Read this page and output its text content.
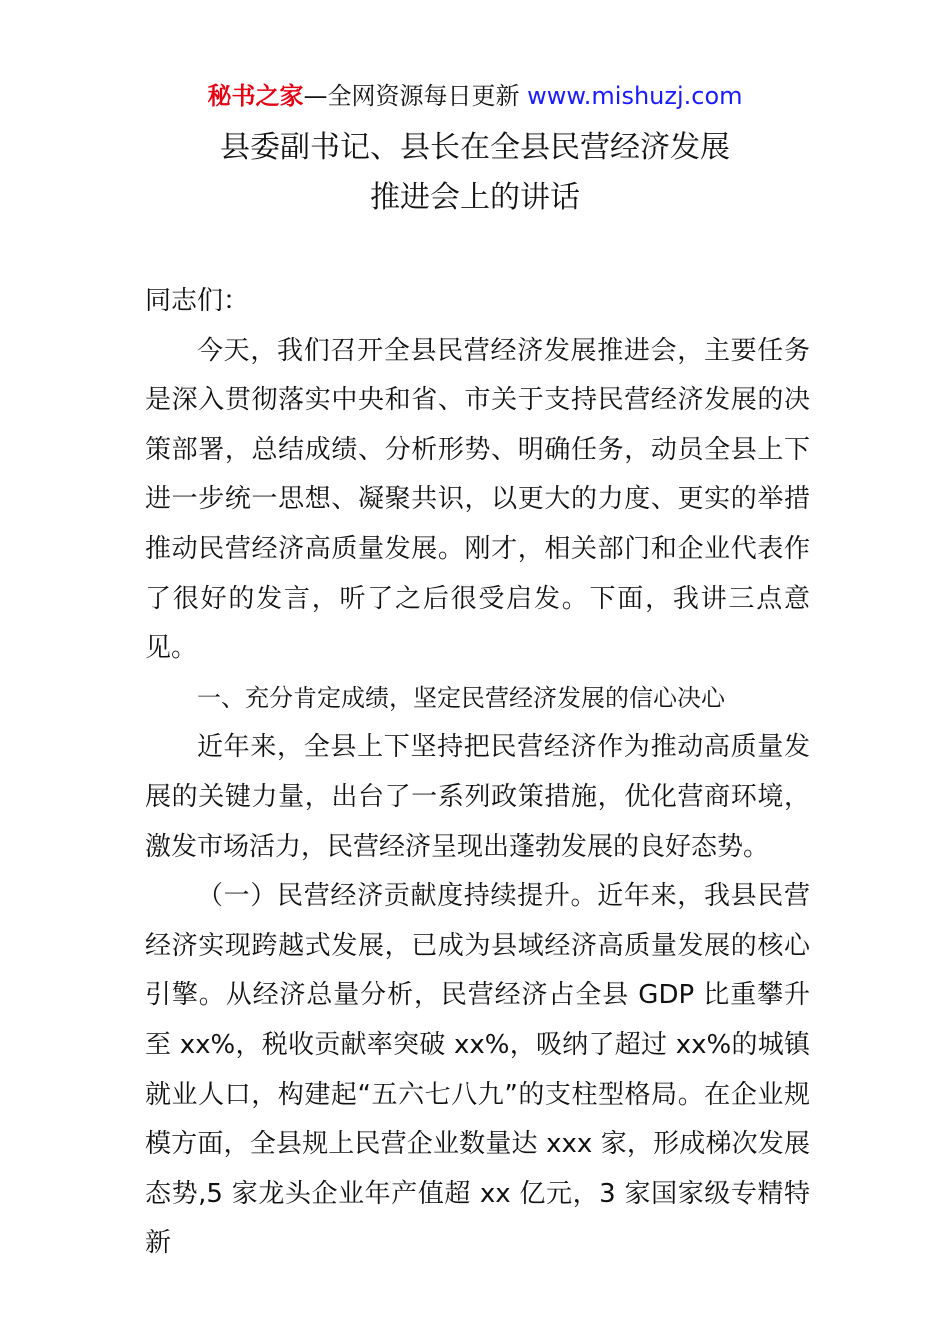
秘书之家—全网资源每日更新 www.mishuzj.com
县委副书记、县长在全县民营经济发展
推进会上的讲话

同志们：

今天，我们召开全县民营经济发展推进会，主要任务是深入贯彻落实中央和省、市关于支持民营经济发展的决策部署，总结成绩、分析形势、明确任务，动员全县上下进一步统一思想、凝聚共识，以更大的力度、更实的举措推动民营经济高质量发展。刚才，相关部门和企业代表作了很好的发言，听了之后很受启发。下面，我讲三点意见。

一、充分肯定成绩，坚定民营经济发展的信心决心

近年来，全县上下坚持把民营经济作为推动高质量发展的关键力量，出台了一系列政策措施，优化营商环境，激发市场活力，民营经济呈现出蓬勃发展的良好态势。

（一）民营经济贡献度持续提升。近年来，我县民营经济实现跨越式发展，已成为县域经济高质量发展的核心引擎。从经济总量分析，民营经济占全县 GDP 比重攀升至 xx%，税收贡献率突破 xx%，吸纳了超过 xx%的城镇就业人口，构建起“五六七八九”的支柱型格局。在企业规模方面，全县规上民营企业数量达 xxx 家，形成梯次发展态势,5 家龙头企业年产值超 xx 亿元，3 家国家级专精特新
